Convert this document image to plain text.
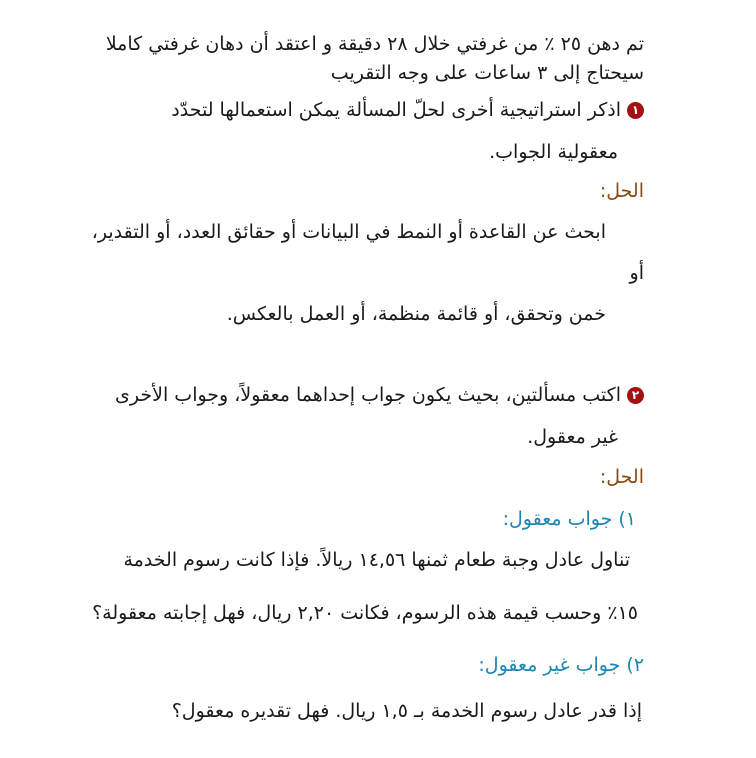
تم دهن ٢٥ ٪ من غرفتي خلال ٢٨ دقيقة و اعتقد أن دهان غرفتي كاملا
سيحتاج إلى ٣ ساعات على وجه التقريب
١اذكر استراتيجية أخرى لحلّ المسألة يمكن استعمالها لتحدّد
معقولية الجواب.
الحل:
ابحث عن القاعدة أو النمط في البيانات أو حقائق العدد، أو التقدير،
أو
خمن وتحقق، أو قائمة منظمة، أو العمل بالعكس.
٢اكتب مسألتين، بحيث يكون جواب إحداهما معقولاً، وجواب الأخرى
غير معقول.
الحل:
١) جواب معقول:
تناول عادل وجبة طعام ثمنها ١٤,٥٦ ريالاً. فإذا كانت رسوم الخدمة
١٥٪ وحسب قيمة هذه الرسوم، فكانت ٢,٢٠ ريال، فهل إجابته معقولة؟
٢) جواب غير معقول:
إذا قدر عادل رسوم الخدمة بـ ١,٥ ريال. فهل تقديره معقول؟
